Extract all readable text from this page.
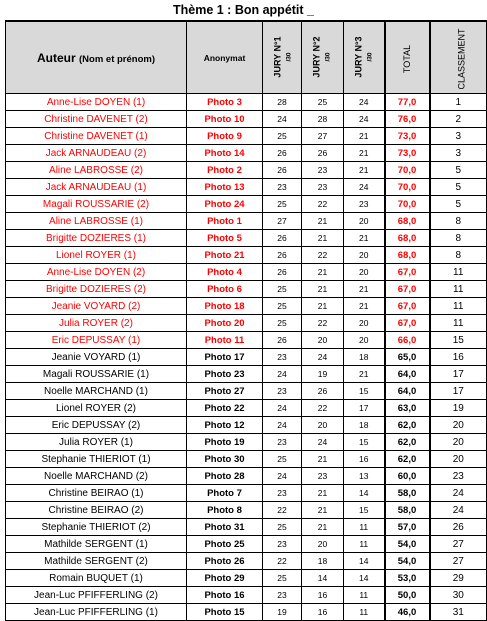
Thème 1 : Bon appétit _
Auteur (Nom et prénom)	Anonymat	JURY N°1 /30	JURY N°2 /30	JURY N°3 /30	TOTAL	CLASSEMENT
Anne-Lise DOYEN (1)	Photo 3	28	25	24	77,0	1
Christine DAVENET (2)	Photo 10	24	28	24	76,0	2
Christine DAVENET (1)	Photo 9	25	27	21	73,0	3
Jack ARNAUDEAU (2)	Photo 14	26	26	21	73,0	3
Aline LABROSSE (2)	Photo 2	26	23	21	70,0	5
Jack ARNAUDEAU (1)	Photo 13	23	23	24	70,0	5
Magali ROUSSARIE (2)	Photo 24	25	22	23	70,0	5
Aline LABROSSE (1)	Photo 1	27	21	20	68,0	8
Brigitte DOZIERES (1)	Photo 5	26	21	21	68,0	8
Lionel ROYER (1)	Photo 21	26	22	20	68,0	8
Anne-Lise DOYEN (2)	Photo 4	26	21	20	67,0	11
Brigitte DOZIERES (2)	Photo 6	25	21	21	67,0	11
Jeanie VOYARD (2)	Photo 18	25	21	21	67,0	11
Julia ROYER (2)	Photo 20	25	22	20	67,0	11
Eric DEPUSSAY (1)	Photo 11	26	20	20	66,0	15
Jeanie VOYARD (1)	Photo 17	23	24	18	65,0	16
Magali ROUSSARIE (1)	Photo 23	24	19	21	64,0	17
Noelle MARCHAND (1)	Photo 27	23	26	15	64,0	17
Lionel ROYER (2)	Photo 22	24	22	17	63,0	19
Eric DEPUSSAY (2)	Photo 12	24	20	18	62,0	20
Julia ROYER (1)	Photo 19	23	24	15	62,0	20
Stephanie THIERIOT (1)	Photo 30	25	21	16	62,0	20
Noelle MARCHAND (2)	Photo 28	24	23	13	60,0	23
Christine BEIRAO (1)	Photo 7	23	21	14	58,0	24
Christine BEIRAO (2)	Photo 8	22	21	15	58,0	24
Stephanie THIERIOT (2)	Photo 31	25	21	11	57,0	26
Mathilde SERGENT (1)	Photo 25	23	20	11	54,0	27
Mathilde SERGENT (2)	Photo 26	22	18	14	54,0	27
Romain BUQUET (1)	Photo 29	25	14	14	53,0	29
Jean-Luc PFIFFERLING (2)	Photo 16	23	16	11	50,0	30
Jean-Luc PFIFFERLING (1)	Photo 15	19	16	11	46,0	31
